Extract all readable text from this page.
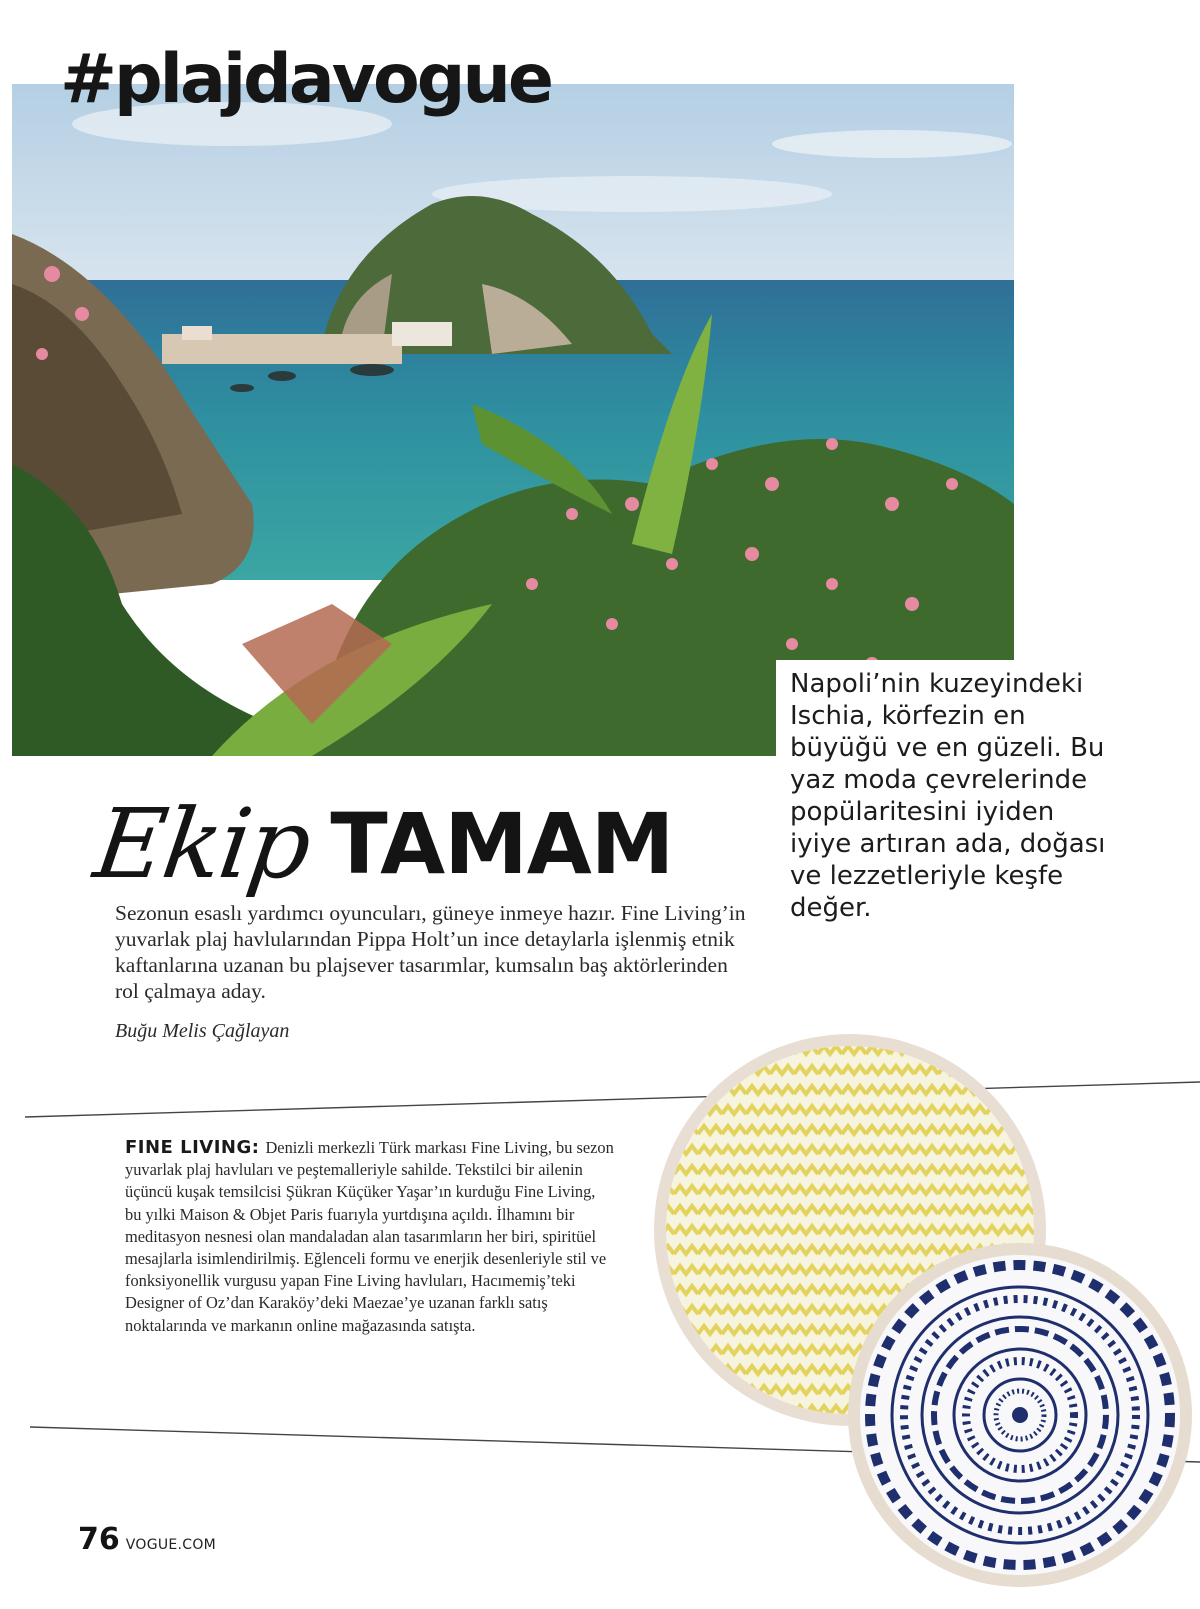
#plajdavogue
Napoli’nin kuzeyindeki Ischia, körfezin en büyüğü ve en güzeli. Bu yaz moda çevrelerinde popülaritesini iyiden iyiye artıran ada, doğası ve lezzetleriyle keşfe değer.
Ekip TAMAM
Sezonun esaslı yardımcı oyuncuları, güneye inmeye hazır. Fine Living’in yuvarlak plaj havlularından Pippa Holt’un ince detaylarla işlenmiş etnik kaftanlarına uzanan bu plajsever tasarımlar, kumsalın baş aktörlerinden rol çalmaya aday.
Buğu Melis Çağlayan
FINE LIVING: Denizli merkezli Türk markası Fine Living, bu sezon yuvarlak plaj havluları ve peştemalleriyle sahilde. Tekstilci bir ailenin üçüncü kuşak temsilcisi Şükran Küçüker Yaşar’ın kurduğu Fine Living, bu yılki Maison & Objet Paris fuarıyla yurtdışına açıldı. İlhamını bir meditasyon nesnesi olan mandaladan alan tasarımların her biri, spiritüel mesajlarla isimlendirilmiş. Eğlenceli formu ve enerjik desenleriyle stil ve fonksiyonellik vurgusu yapan Fine Living havluları, Hacımemiş’teki Designer of Oz’dan Karaköy’deki Maezae’ye uzanan farklı satış noktalarında ve markanın online mağazasında satışta.
76 VOGUE.COM
